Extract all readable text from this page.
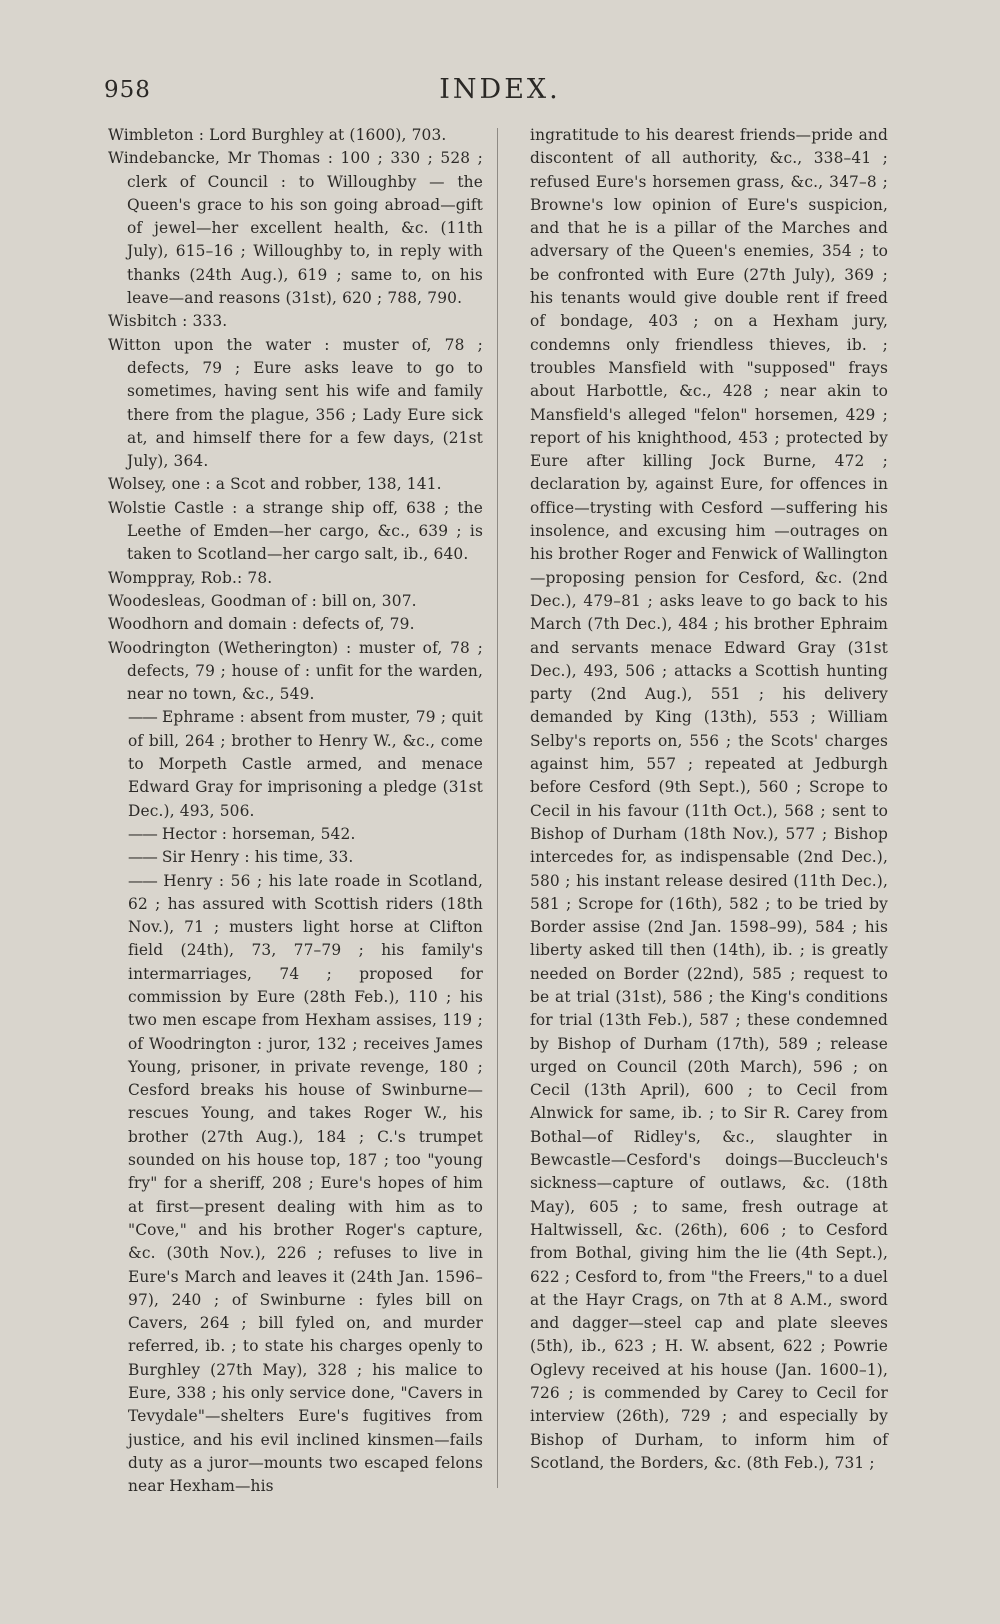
958	INDEX.

Wimbleton : Lord Burghley at (1600), 703.

Windebancke, Mr Thomas : 100 ; 330 ; 528 ; clerk of Council : to Willoughby — the Queen's grace to his son going abroad—gift of jewel—her excellent health, &c. (11th July), 615–16 ; Willoughby to, in reply with thanks (24th Aug.), 619 ; same to, on his leave—and reasons (31st), 620 ; 788, 790.

Wisbitch : 333.

Witton upon the water : muster of, 78 ; defects, 79 ; Eure asks leave to go to sometimes, having sent his wife and family there from the plague, 356 ; Lady Eure sick at, and himself there for a few days, (21st July), 364.

Wolsey, one : a Scot and robber, 138, 141.

Wolstie Castle : a strange ship off, 638 ; the Leethe of Emden—her cargo, &c., 639 ; is taken to Scotland—her cargo salt, ib., 640.

Womppray, Rob.: 78.

Woodesleas, Goodman of : bill on, 307.

Woodhorn and domain : defects of, 79.

Woodrington (Wetherington) : muster of, 78 ; defects, 79 ; house of : unfit for the warden, near no town, &c., 549.

—— Ephrame : absent from muster, 79 ; quit of bill, 264 ; brother to Henry W., &c., come to Morpeth Castle armed, and menace Edward Gray for imprisoning a pledge (31st Dec.), 493, 506.

—— Hector : horseman, 542.

—— Sir Henry : his time, 33.

—— Henry : 56 ; his late roade in Scotland, 62 ; has assured with Scottish riders (18th Nov.), 71 ; musters light horse at Clifton field (24th), 73, 77–79 ; his family's intermarriages, 74 ; proposed for commission by Eure (28th Feb.), 110 ; his two men escape from Hexham assises, 119 ; of Woodrington : juror, 132 ; receives James Young, prisoner, in private revenge, 180 ; Cesford breaks his house of Swinburne—rescues Young, and takes Roger W., his brother (27th Aug.), 184 ; C.'s trumpet sounded on his house top, 187 ; too "young fry" for a sheriff, 208 ; Eure's hopes of him at first—present dealing with him as to "Cove," and his brother Roger's capture, &c. (30th Nov.), 226 ; refuses to live in Eure's March and leaves it (24th Jan. 1596–97), 240 ; of Swinburne : fyles bill on Cavers, 264 ; bill fyled on, and murder referred, ib. ; to state his charges openly to Burghley (27th May), 328 ; his malice to Eure, 338 ; his only service done, "Cavers in Tevydale"—shelters Eure's fugitives from justice, and his evil inclined kinsmen—fails duty as a juror—mounts two escaped felons near Hexham—his

ingratitude to his dearest friends—pride and discontent of all authority, &c., 338–41 ; refused Eure's horsemen grass, &c., 347–8 ; Browne's low opinion of Eure's suspicion, and that he is a pillar of the Marches and adversary of the Queen's enemies, 354 ; to be confronted with Eure (27th July), 369 ; his tenants would give double rent if freed of bondage, 403 ; on a Hexham jury, condemns only friendless thieves, ib. ; troubles Mansfield with "supposed" frays about Harbottle, &c., 428 ; near akin to Mansfield's alleged "felon" horsemen, 429 ; report of his knighthood, 453 ; protected by Eure after killing Jock Burne, 472 ; declaration by, against Eure, for offences in office—trysting with Cesford —suffering his insolence, and excusing him —outrages on his brother Roger and Fenwick of Wallington—proposing pension for Cesford, &c. (2nd Dec.), 479–81 ; asks leave to go back to his March (7th Dec.), 484 ; his brother Ephraim and servants menace Edward Gray (31st Dec.), 493, 506 ; attacks a Scottish hunting party (2nd Aug.), 551 ; his delivery demanded by King (13th), 553 ; William Selby's reports on, 556 ; the Scots' charges against him, 557 ; repeated at Jedburgh before Cesford (9th Sept.), 560 ; Scrope to Cecil in his favour (11th Oct.), 568 ; sent to Bishop of Durham (18th Nov.), 577 ; Bishop intercedes for, as indispensable (2nd Dec.), 580 ; his instant release desired (11th Dec.), 581 ; Scrope for (16th), 582 ; to be tried by Border assise (2nd Jan. 1598–99), 584 ; his liberty asked till then (14th), ib. ; is greatly needed on Border (22nd), 585 ; request to be at trial (31st), 586 ; the King's conditions for trial (13th Feb.), 587 ; these condemned by Bishop of Durham (17th), 589 ; release urged on Council (20th March), 596 ; on Cecil (13th April), 600 ; to Cecil from Alnwick for same, ib. ; to Sir R. Carey from Bothal—of Ridley's, &c., slaughter in Bewcastle—Cesford's doings—Buccleuch's sickness—capture of outlaws, &c. (18th May), 605 ; to same, fresh outrage at Haltwissell, &c. (26th), 606 ; to Cesford from Bothal, giving him the lie (4th Sept.), 622 ; Cesford to, from "the Freers," to a duel at the Hayr Crags, on 7th at 8 A.M., sword and dagger—steel cap and plate sleeves (5th), ib., 623 ; H. W. absent, 622 ; Powrie Oglevy received at his house (Jan. 1600–1), 726 ; is commended by Carey to Cecil for interview (26th), 729 ; and especially by Bishop of Durham, to inform him of Scotland, the Borders, &c. (8th Feb.), 731 ;
